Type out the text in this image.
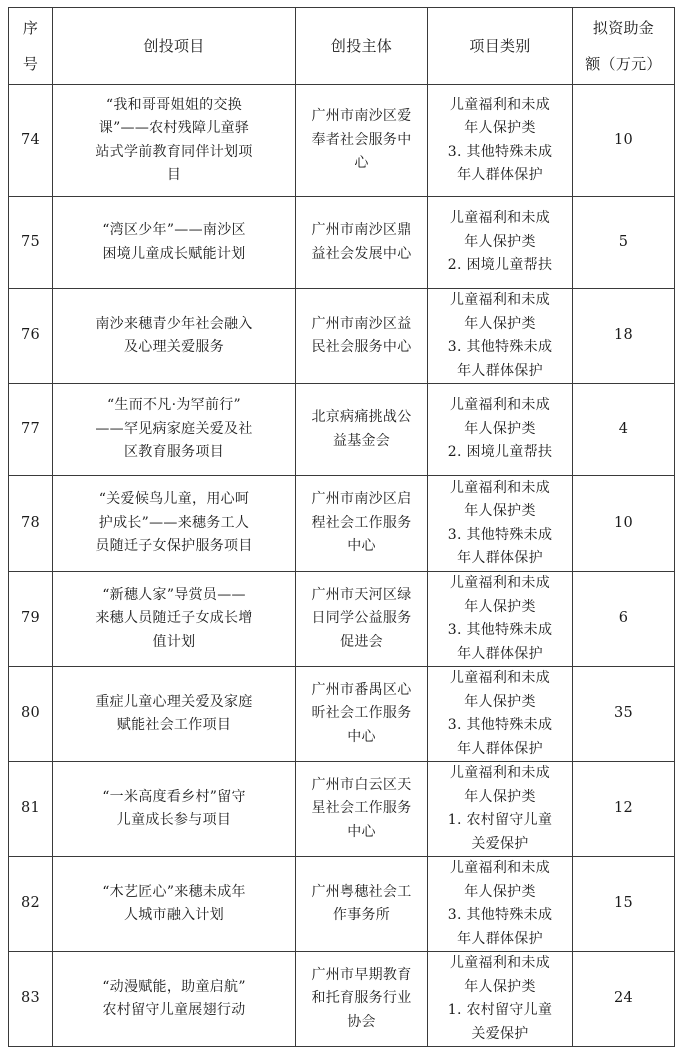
序
号	创投项目	创投主体	项目类别	拟资助金
额（万元）

74	“我和哥哥姐姐的交换
课”——农村残障儿童驿
站式学前教育同伴计划项
目	广州市南沙区爱
奉者社会服务中
心	儿童福利和未成
年人保护类
3. 其他特殊未成
年人群体保护	10

75	“湾区少年”——南沙区
困境儿童成长赋能计划	广州市南沙区鼎
益社会发展中心	儿童福利和未成
年人保护类
2. 困境儿童帮扶	5

76	南沙来穗青少年社会融入
及心理关爱服务	广州市南沙区益
民社会服务中心	儿童福利和未成
年人保护类
3. 其他特殊未成
年人群体保护	18

77	“生而不凡·为罕前行”
——罕见病家庭关爱及社
区教育服务项目	北京病痛挑战公
益基金会	儿童福利和未成
年人保护类
2. 困境儿童帮扶	4

78	“关爱候鸟儿童，用心呵
护成长”——来穗务工人
员随迁子女保护服务项目	广州市南沙区启
程社会工作服务
中心	儿童福利和未成
年人保护类
3. 其他特殊未成
年人群体保护	10

79	“新穗人家”导赏员——
来穗人员随迁子女成长增
值计划	广州市天河区绿
日同学公益服务
促进会	儿童福利和未成
年人保护类
3. 其他特殊未成
年人群体保护	6

80	重症儿童心理关爱及家庭
赋能社会工作项目	广州市番禺区心
昕社会工作服务
中心	儿童福利和未成
年人保护类
3. 其他特殊未成
年人群体保护	35

81	“一米高度看乡村”留守
儿童成长参与项目	广州市白云区天
星社会工作服务
中心	儿童福利和未成
年人保护类
1. 农村留守儿童
关爱保护	12

82	“木艺匠心”来穗未成年
人城市融入计划	广州粤穗社会工
作事务所	儿童福利和未成
年人保护类
3. 其他特殊未成
年人群体保护	15

83	“动漫赋能，助童启航”
农村留守儿童展翅行动	广州市早期教育
和托育服务行业
协会	儿童福利和未成
年人保护类
1. 农村留守儿童
关爱保护	24
